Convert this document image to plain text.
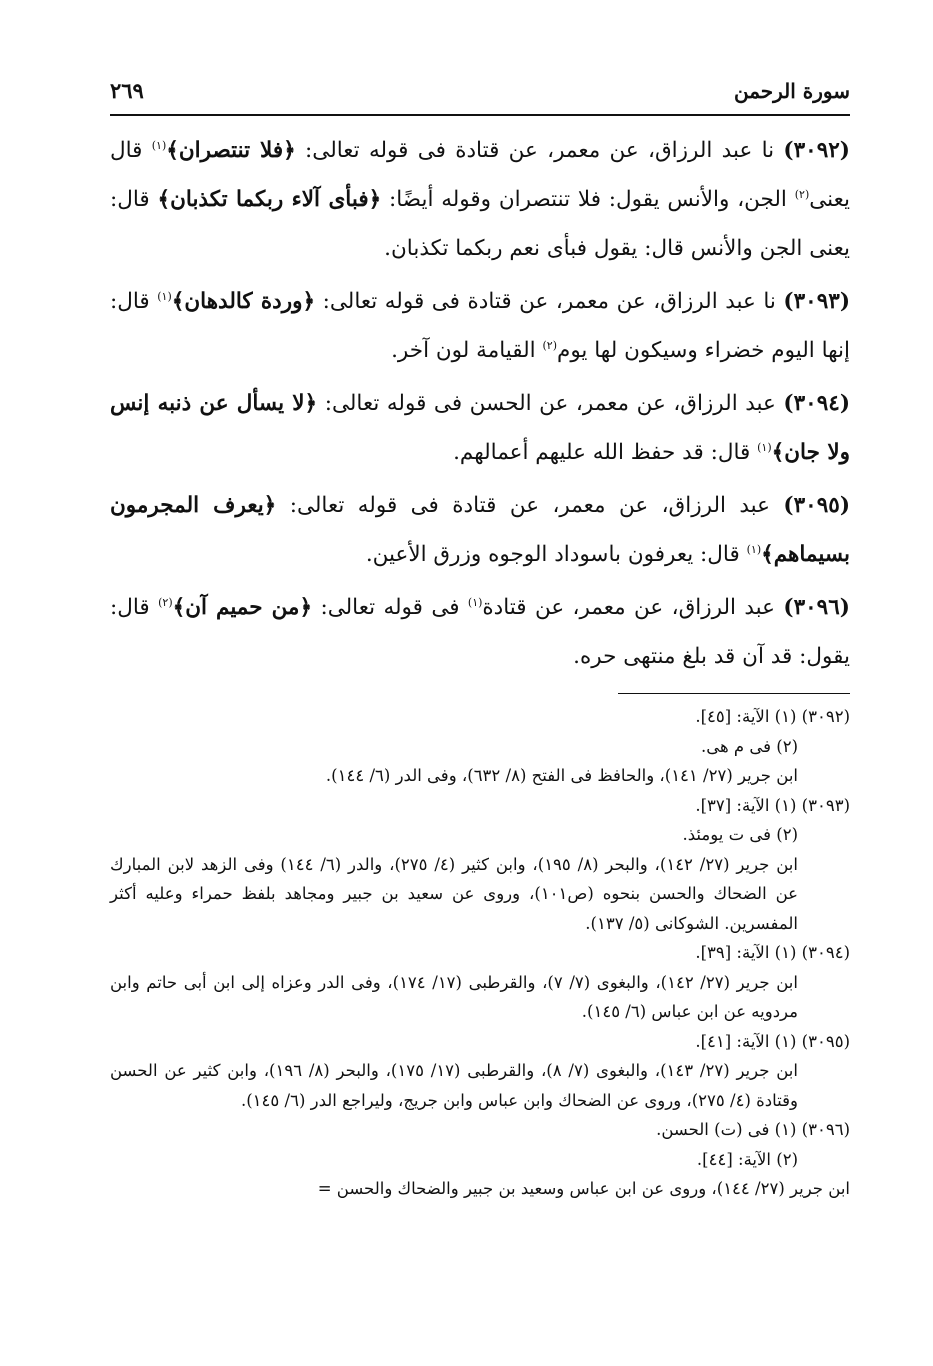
سورة الرحمن
٢٦٩
(٣٠٩٢) نا عبد الرزاق، عن معمر، عن قتادة فى قوله تعالى: ﴿فلا تنتصران﴾$^{(١)}$ قال يعنى$^{(٢)}$ الجن، والأنس يقول: فلا تنتصران وقوله أيضًا: ﴿فبأى آلاء ربكما تكذبان﴾ قال: يعنى الجن والأنس قال: يقول فبأى نعم ربكما تكذبان.
(٣٠٩٣) نا عبد الرزاق، عن معمر، عن قتادة فى قوله تعالى: ﴿وردة كالدهان﴾$^{(١)}$ قال: إنها اليوم خضراء وسيكون لها يوم$^{(٢)}$ القيامة لون آخر.
(٣٠٩٤) عبد الرزاق، عن معمر، عن الحسن فى قوله تعالى: ﴿لا يسأل عن ذنبه إنس ولا جان﴾$^{(١)}$ قال: قد حفظ الله عليهم أعمالهم.
(٣٠٩٥) عبد الرزاق، عن معمر، عن قتادة فى قوله تعالى: ﴿يعرف المجرمون بسيماهم﴾$^{(١)}$ قال: يعرفون باسوداد الوجوه وزرق الأعين.
(٣٠٩٦) عبد الرزاق، عن معمر، عن قتادة$^{(١)}$ فى قوله تعالى: ﴿من حميم آن﴾$^{(٢)}$ قال: يقول: قد آن قد بلغ منتهى حره.
(٣٠٩٢) (١) الآية: [٤٥].
(٢) فى م هى.
ابن جرير (٢٧/ ١٤١)، والحافظ فى الفتح (٨/ ٦٣٢)، وفى الدر (٦/ ١٤٤).
(٣٠٩٣) (١) الآية: [٣٧].
(٢) فى ت يومئذ.
ابن جرير (٢٧/ ١٤٢)، والبحر (٨/ ١٩٥)، وابن كثير (٤/ ٢٧٥)، والدر (٦/ ١٤٤) وفى الزهد لابن المبارك عن الضحاك والحسن بنحوه (ص١٠١)، وروى عن سعيد بن جبير ومجاهد بلفظ حمراء وعليه أكثر المفسرين. الشوكانى (٥/ ١٣٧).
(٣٠٩٤) (١) الآية: [٣٩].
ابن جرير (٢٧/ ١٤٢)، والبغوى (٧/ ٧)، والقرطبى (١٧/ ١٧٤)، وفى الدر وعزاه إلى ابن أبى حاتم وابن مردويه عن ابن عباس (٦/ ١٤٥).
(٣٠٩٥) (١) الآية: [٤١].
ابن جرير (٢٧/ ١٤٣)، والبغوى (٧/ ٨)، والقرطبى (١٧/ ١٧٥)، والبحر (٨/ ١٩٦)، وابن كثير عن الحسن وقتادة (٤/ ٢٧٥)، وروى عن الضحاك وابن عباس وابن جريج، وليراجع الدر (٦/ ١٤٥).
(٣٠٩٦) (١) فى (ت) الحسن.
(٢) الآية: [٤٤].
ابن جرير (٢٧/ ١٤٤)، وروى عن ابن عباس وسعيد بن جبير والضحاك والحسن =
